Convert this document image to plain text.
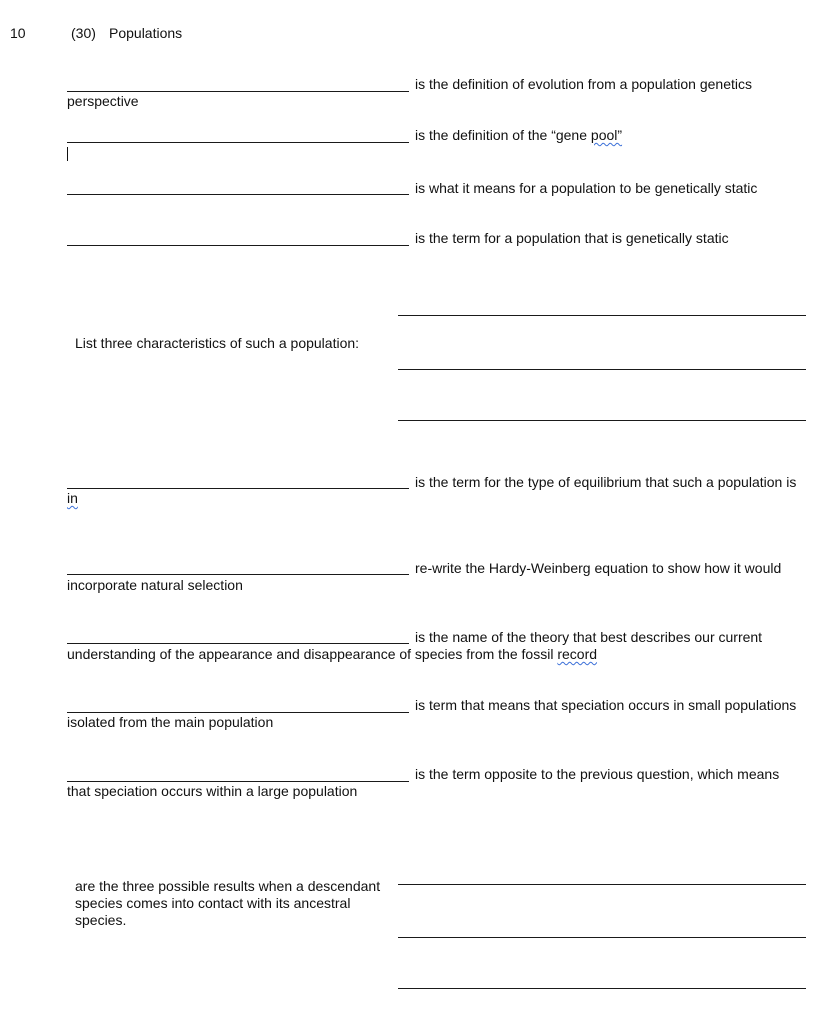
10	(30) Populations
is the definition of evolution from a population genetics
perspective
is the definition of the “gene pool”
is what it means for a population to be genetically static
is the term for a population that is genetically static
List three characteristics of such a population:
is the term for the type of equilibrium that such a population is
in
re-write the Hardy-Weinberg equation to show how it would
incorporate natural selection
is the name of the theory that best describes our current
understanding of the appearance and disappearance of species from the fossil record
is term that means that speciation occurs in small populations
isolated from the main population
is the term opposite to the previous question, which means
that speciation occurs within a large population
are the three possible results when a descendant species comes into contact with its ancestral species.
